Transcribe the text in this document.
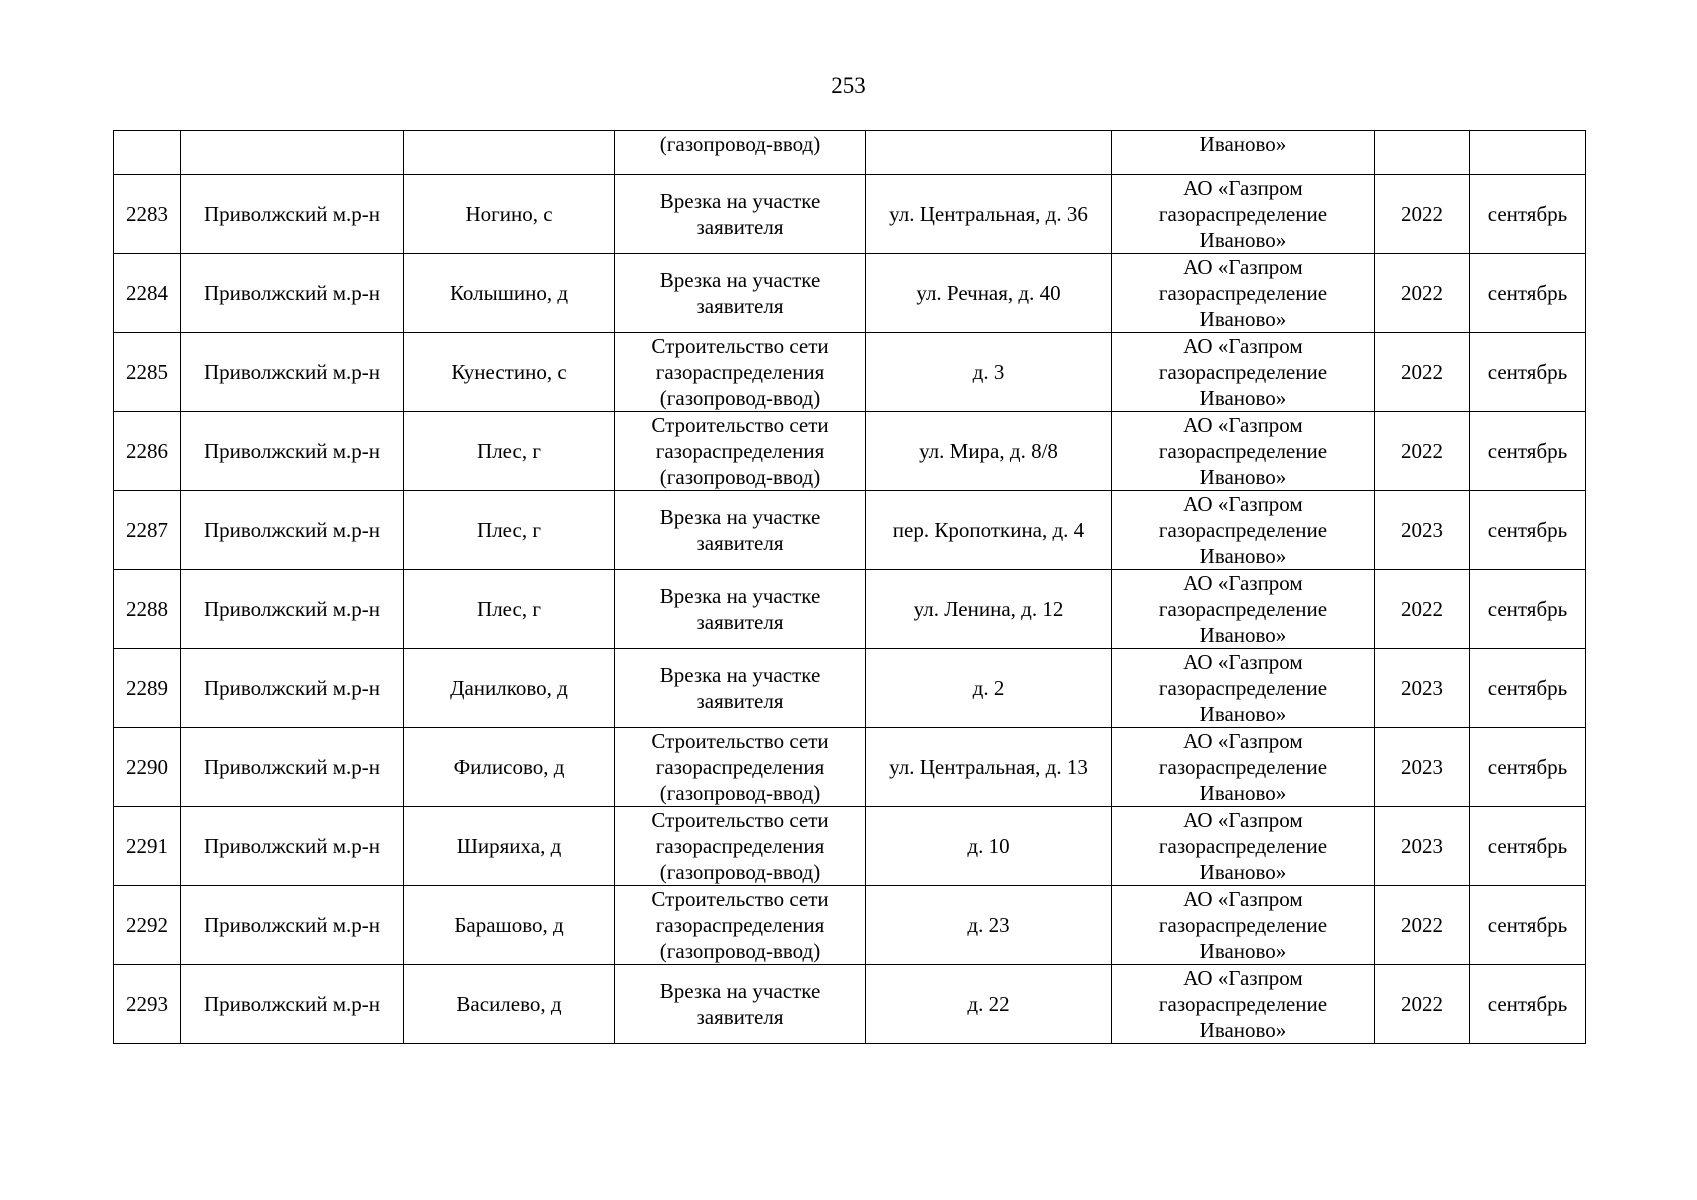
253
			(газопровод-ввод)		Иваново»		
2283	Приволжский м.р-н	Ногино, с	Врезка на участке
заявителя	ул. Центральная, д. 36	АО «Газпром
газораспределение
Иваново»	2022	сентябрь
2284	Приволжский м.р-н	Колышино, д	Врезка на участке
заявителя	ул. Речная, д. 40	АО «Газпром
газораспределение
Иваново»	2022	сентябрь
2285	Приволжский м.р-н	Кунестино, с	Строительство сети
газораспределения
(газопровод-ввод)	д. 3	АО «Газпром
газораспределение
Иваново»	2022	сентябрь
2286	Приволжский м.р-н	Плес, г	Строительство сети
газораспределения
(газопровод-ввод)	ул. Мира, д. 8/8	АО «Газпром
газораспределение
Иваново»	2022	сентябрь
2287	Приволжский м.р-н	Плес, г	Врезка на участке
заявителя	пер. Кропоткина, д. 4	АО «Газпром
газораспределение
Иваново»	2023	сентябрь
2288	Приволжский м.р-н	Плес, г	Врезка на участке
заявителя	ул. Ленина, д. 12	АО «Газпром
газораспределение
Иваново»	2022	сентябрь
2289	Приволжский м.р-н	Данилково, д	Врезка на участке
заявителя	д. 2	АО «Газпром
газораспределение
Иваново»	2023	сентябрь
2290	Приволжский м.р-н	Филисово, д	Строительство сети
газораспределения
(газопровод-ввод)	ул. Центральная, д. 13	АО «Газпром
газораспределение
Иваново»	2023	сентябрь
2291	Приволжский м.р-н	Ширяиха, д	Строительство сети
газораспределения
(газопровод-ввод)	д. 10	АО «Газпром
газораспределение
Иваново»	2023	сентябрь
2292	Приволжский м.р-н	Барашово, д	Строительство сети
газораспределения
(газопровод-ввод)	д. 23	АО «Газпром
газораспределение
Иваново»	2022	сентябрь
2293	Приволжский м.р-н	Василево, д	Врезка на участке
заявителя	д. 22	АО «Газпром
газораспределение
Иваново»	2022	сентябрь
